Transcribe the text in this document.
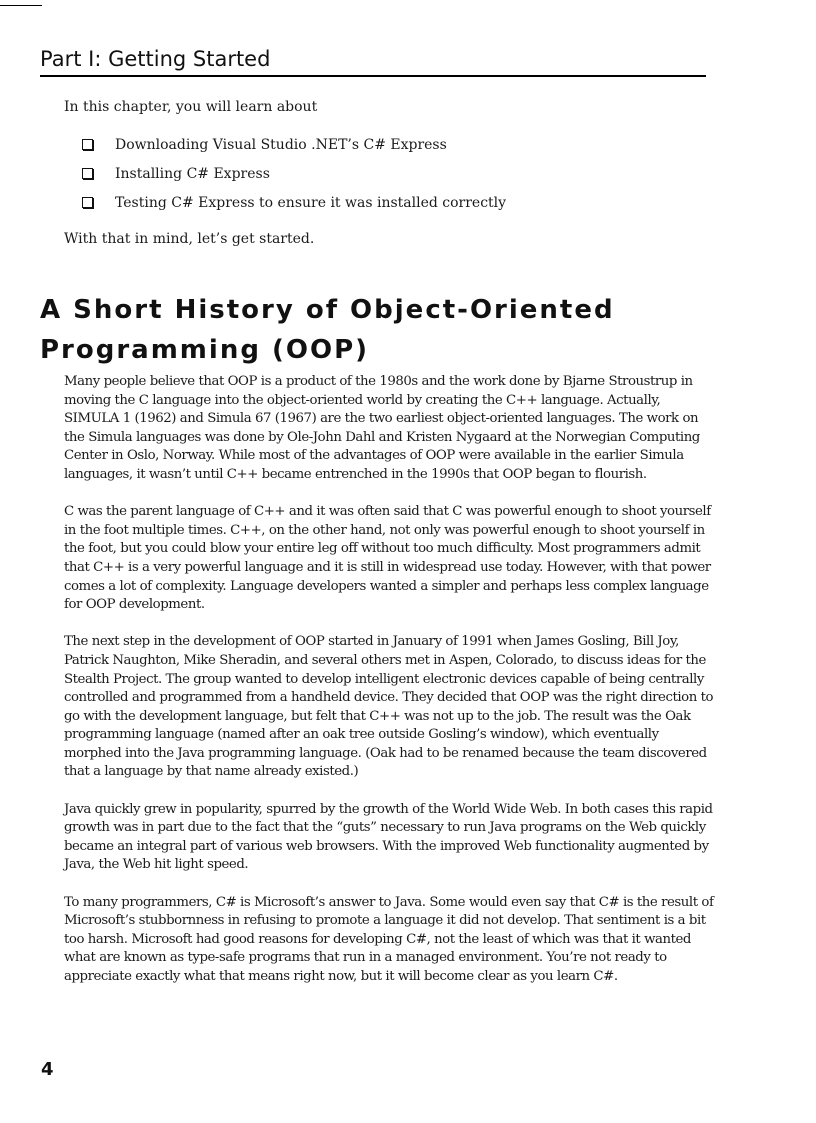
Part I: Getting Started

In this chapter, you will learn about

Downloading Visual Studio .NET’s C# Express
Installing C# Express
Testing C# Express to ensure it was installed correctly

With that in mind, let’s get started.

A Short History of Object-Oriented
Programming (OOP)

Many people believe that OOP is a product of the 1980s and the work done by Bjarne Stroustrup in moving the C language into the object-oriented world by creating the C++ language. Actually, SIMULA 1 (1962) and Simula 67 (1967) are the two earliest object-oriented languages. The work on the Simula languages was done by Ole-John Dahl and Kristen Nygaard at the Norwegian Computing Center in Oslo, Norway. While most of the advantages of OOP were available in the earlier Simula languages, it wasn’t until C++ became entrenched in the 1990s that OOP began to flourish.

C was the parent language of C++ and it was often said that C was powerful enough to shoot yourself in the foot multiple times. C++, on the other hand, not only was powerful enough to shoot yourself in the foot, but you could blow your entire leg off without too much difficulty. Most programmers admit that C++ is a very powerful language and it is still in widespread use today. However, with that power comes a lot of complexity. Language developers wanted a simpler and perhaps less complex language for OOP development.

The next step in the development of OOP started in January of 1991 when James Gosling, Bill Joy, Patrick Naughton, Mike Sheradin, and several others met in Aspen, Colorado, to discuss ideas for the Stealth Project. The group wanted to develop intelligent electronic devices capable of being centrally controlled and programmed from a handheld device. They decided that OOP was the right direction to go with the development language, but felt that C++ was not up to the job. The result was the Oak programming language (named after an oak tree outside Gosling’s window), which eventually morphed into the Java programming language. (Oak had to be renamed because the team discovered that a language by that name already existed.)

Java quickly grew in popularity, spurred by the growth of the World Wide Web. In both cases this rapid growth was in part due to the fact that the “guts” necessary to run Java programs on the Web quickly became an integral part of various web browsers. With the improved Web functionality augmented by Java, the Web hit light speed.

To many programmers, C# is Microsoft’s answer to Java. Some would even say that C# is the result of Microsoft’s stubbornness in refusing to promote a language it did not develop. That sentiment is a bit too harsh. Microsoft had good reasons for developing C#, not the least of which was that it wanted what are known as type-safe programs that run in a managed environment. You’re not ready to appreciate exactly what that means right now, but it will become clear as you learn C#.

4
